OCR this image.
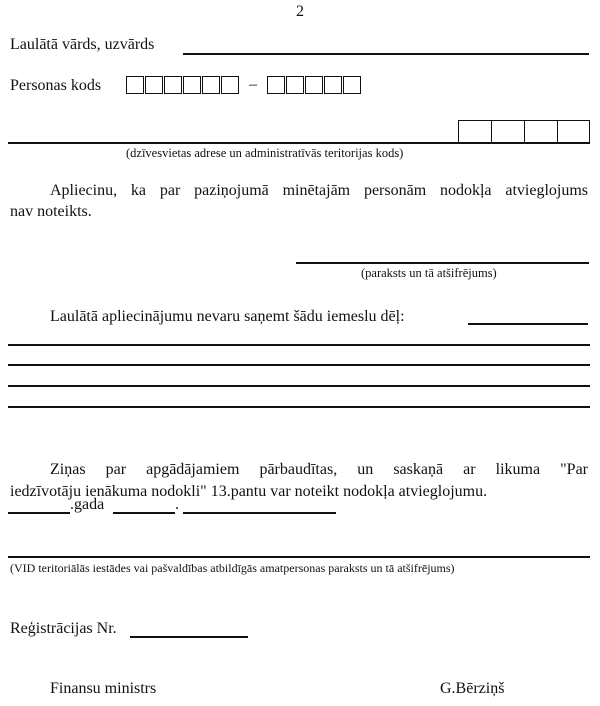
2
Laulātā vārds, uzvārds
Personas kods	–
(dzīvesvietas adrese un administratīvās teritorijas kods)
Apliecinu, ka par paziņojumā minētajām personām nodokļa atvieglojums
nav noteikts.
(paraksts un tā atšifrējums)
Laulātā apliecinājumu nevaru saņemt šādu iemeslu dēļ:
Ziņas par apgādājamiem pārbaudītas, un saskaņā ar likuma "Par
iedzīvotāju ienākuma nodokli" 13.pantu var noteikt nodokļa atvieglojumu.
.gada	.
(VID teritoriālās iestādes vai pašvaldības atbildīgās amatpersonas paraksts un tā atšifrējums)
Reģistrācijas Nr.
Finansu ministrs	G.Bērziņš
